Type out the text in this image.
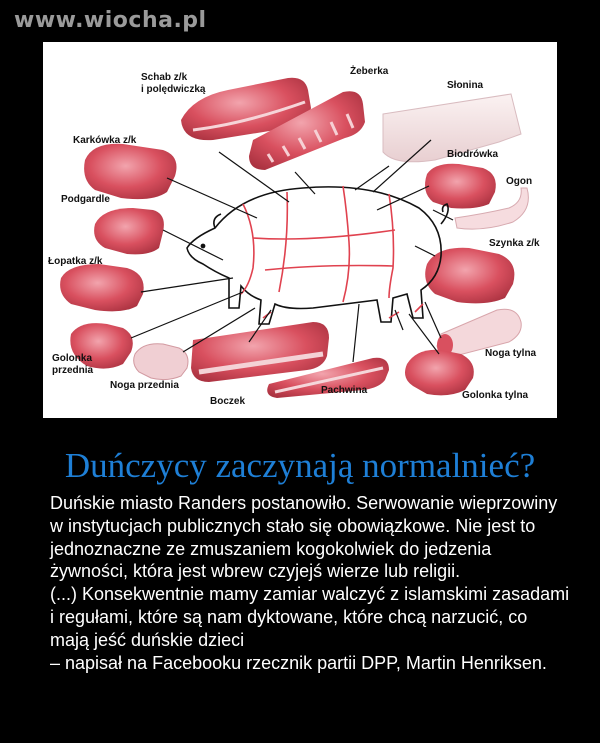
www.wiocha.pl
Schab z/k
i polędwiczką
Żeberka
Słonina
Karkówka z/k
Biodrówka
Ogon
Podgardle
Szynka z/k
Łopatka z/k
Golonka
przednia
Noga tylna
Noga przednia	Pachwina	Golonka tylna
Boczek
Duńczycy zaczynają normalnieć?

Duńskie miasto Randers postanowiło. Serwowanie wieprzowiny w instytucjach publicznych stało się obowiązkowe. Nie jest to jednoznaczne ze zmuszaniem kogokolwiek do jedzenia żywności, która jest wbrew czyjejś wierze lub religii.

(...) Konsekwentnie mamy zamiar walczyć z islamskimi zasadami i regułami, które są nam dyktowane, które chcą narzucić, co mają jeść duńskie dzieci

– napisał na Facebooku rzecznik partii DPP, Martin Henriksen.
